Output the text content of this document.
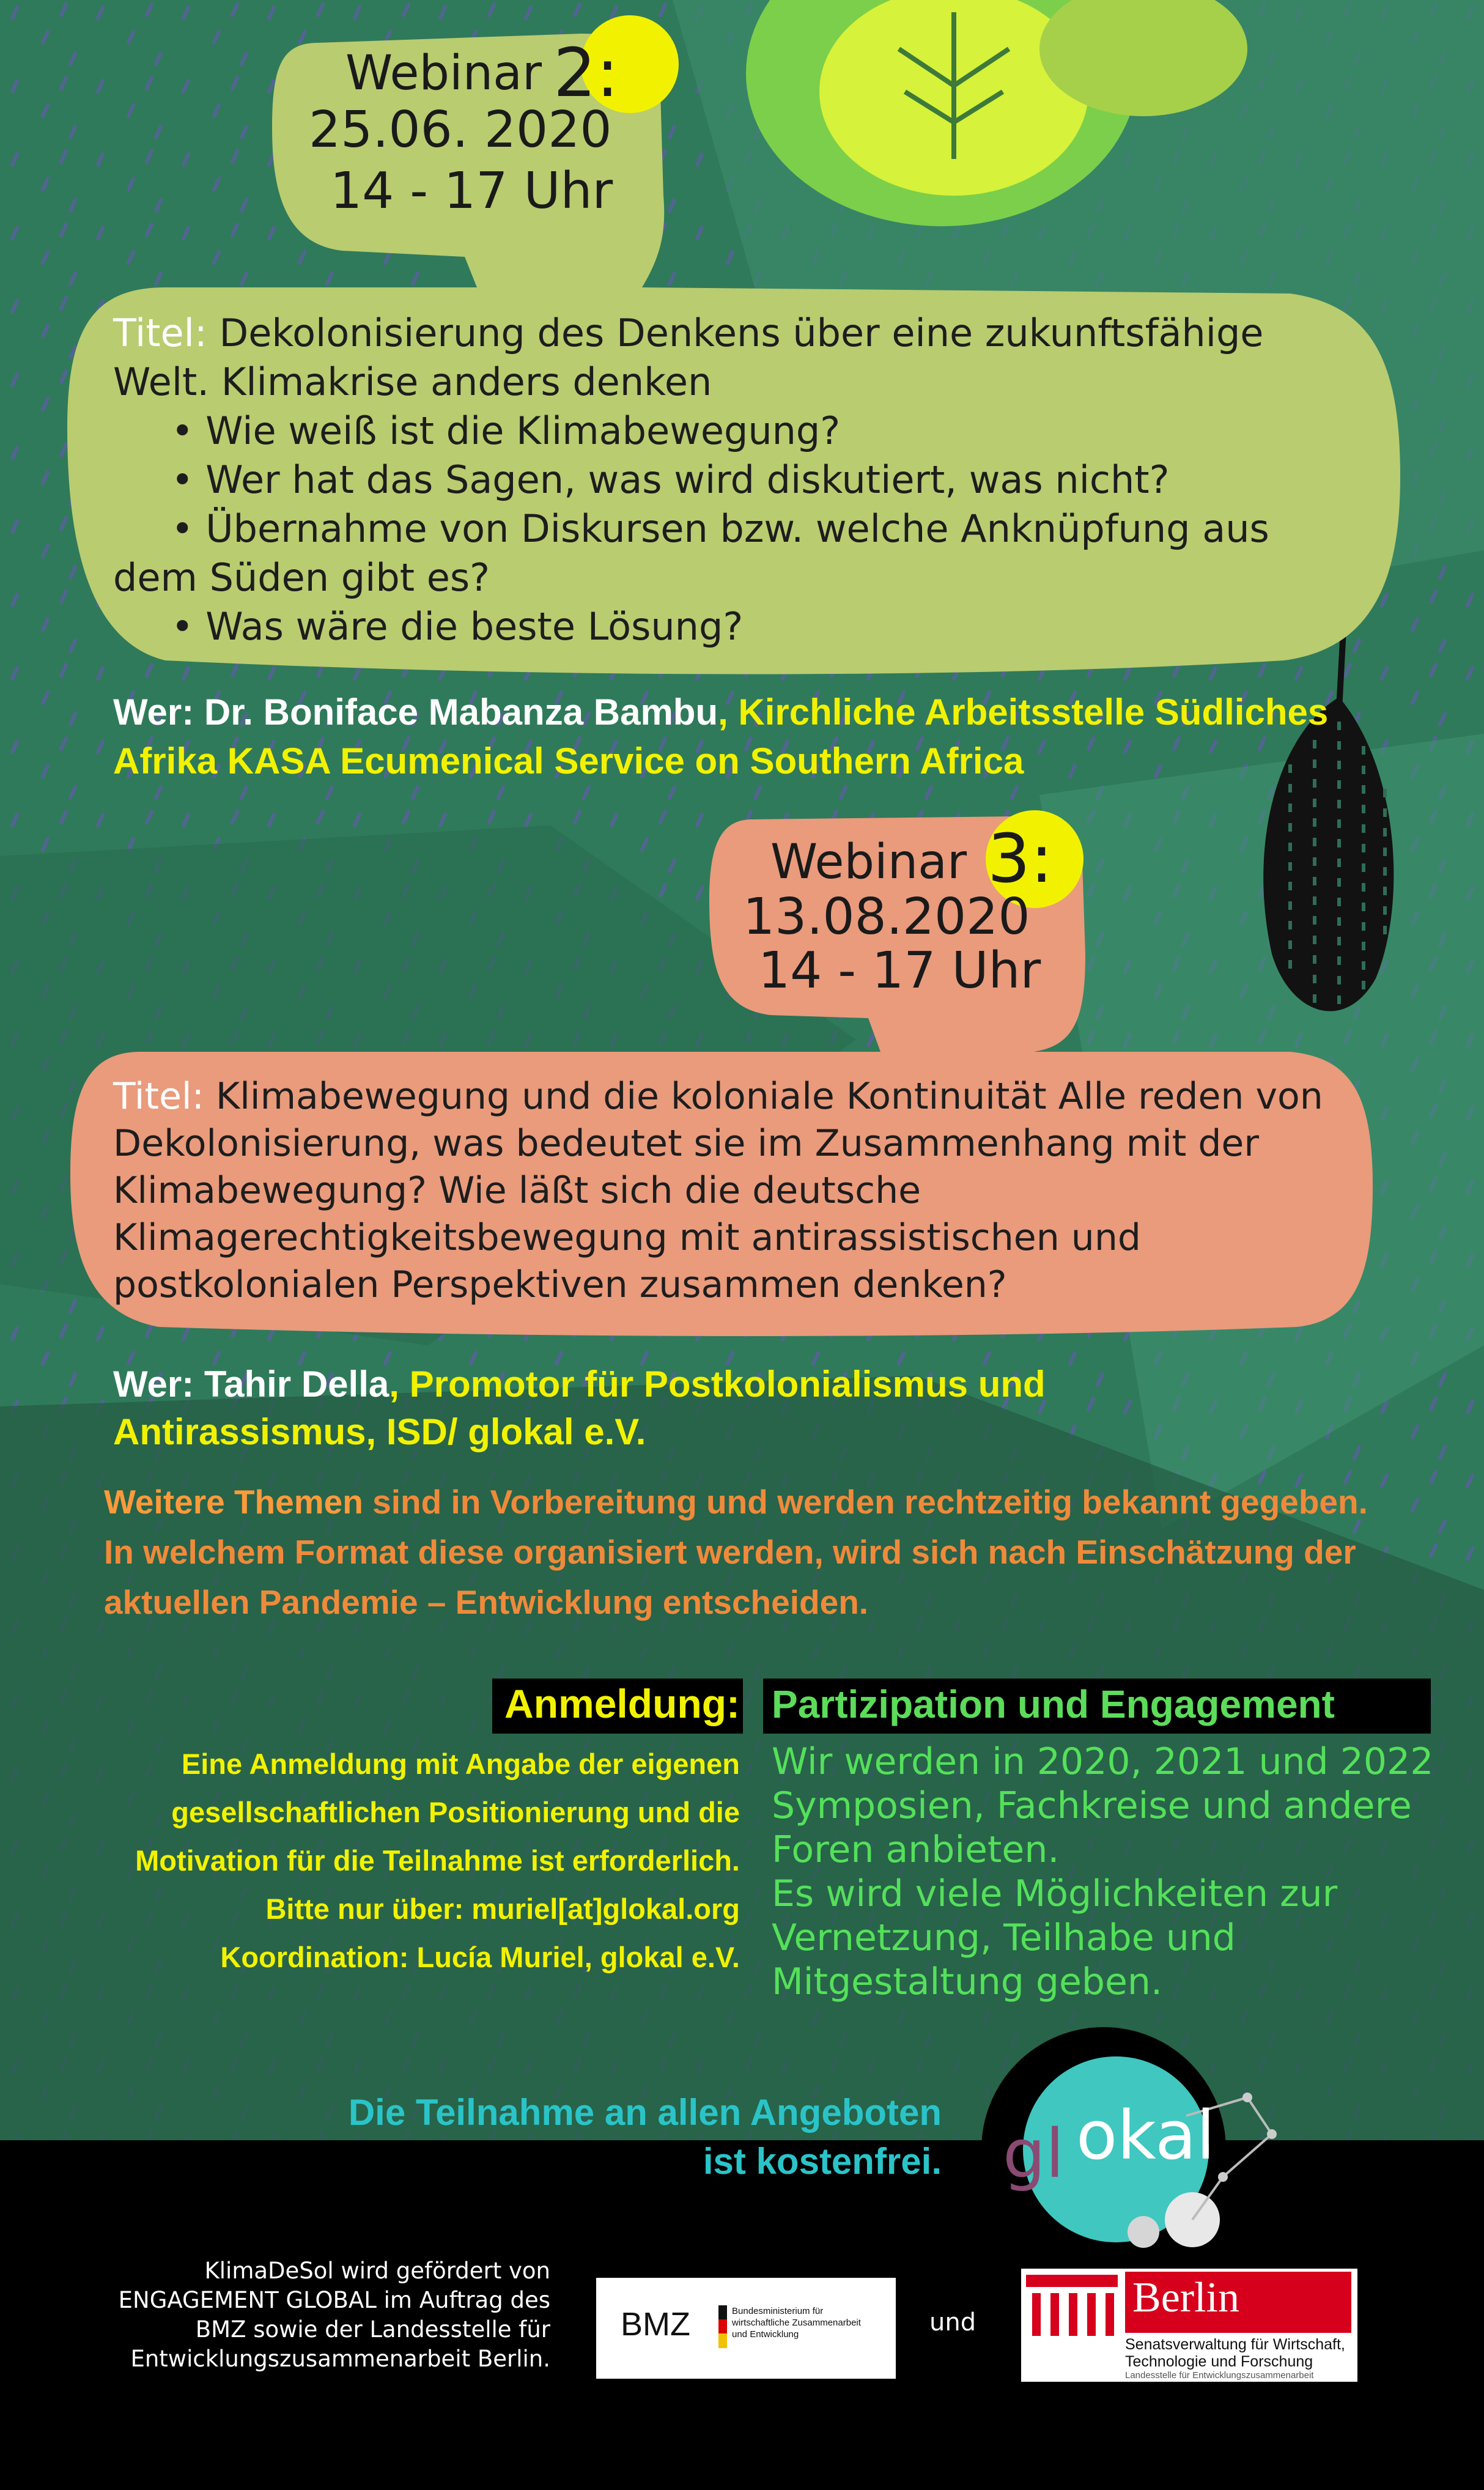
Webinar 2:
25.06. 2020
14 - 17 Uhr
Titel: Dekolonisierung des Denkens über eine zukunftsfähige Welt. Klimakrise anders denken
• Wie weiß ist die Klimabewegung?
• Wer hat das Sagen, was wird diskutiert, was nicht?
• Übernahme von Diskursen bzw. welche Anknüpfung aus dem Süden gibt es?
• Was wäre die beste Lösung?
Wer: Dr. Boniface Mabanza Bambu, Kirchliche Arbeitsstelle Südliches Afrika KASA Ecumenical Service on Southern Africa
Webinar 3:
13.08.2020
14 - 17 Uhr
Titel: Klimabewegung und die koloniale Kontinuität Alle reden von Dekolonisierung, was bedeutet sie im Zusammenhang mit der Klimabewegung? Wie läßt sich die deutsche Klimagerechtigkeitsbewegung mit antirassistischen und postkolonialen Perspektiven zusammen denken?
Wer: Tahir Della, Promotor für Postkolonialismus und Antirassismus, ISD/ glokal e.V.
Weitere Themen sind in Vorbereitung und werden rechtzeitig bekannt gegeben. In welchem Format diese organisiert werden, wird sich nach Einschätzung der aktuellen Pandemie – Entwicklung entscheiden.
Anmeldung:
Eine Anmeldung mit Angabe der eigenen
gesellschaftlichen Positionierung und die
Motivation für die Teilnahme ist erforderlich.
Bitte nur über: muriel[at]glokal.org
Koordination: Lucía Muriel, glokal e.V.
Partizipation und Engagement
Wir werden in 2020, 2021 und 2022
Symposien, Fachkreise und andere
Foren anbieten.
Es wird viele Möglichkeiten zur
Vernetzung, Teilhabe und
Mitgestaltung geben.
Die Teilnahme an allen Angeboten
ist kostenfrei. gl okal
KlimaDeSol wird gefördert von
ENGAGEMENT GLOBAL im Auftrag des
BMZ sowie der Landesstelle für
Entwicklungszusammenarbeit Berlin.
BMZ	Bundesministerium für
wirtschaftliche Zusammenarbeit
und Entwicklung	und
Berlin
Senatsverwaltung für Wirtschaft,
Technologie und Forschung
Landesstelle für Entwicklungszusammenarbeit
